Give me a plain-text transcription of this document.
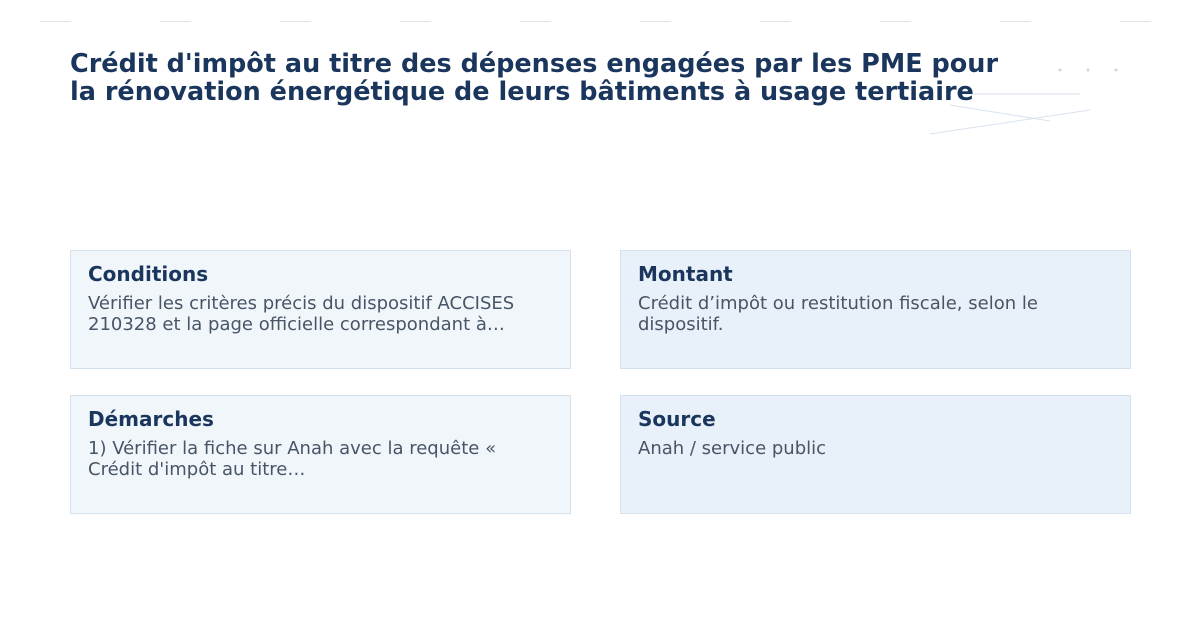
Crédit d'impôt au titre des dépenses engagées par les PME pour
la rénovation énergétique de leurs bâtiments à usage tertiaire
Conditions

Vérifier les critères précis du dispositif ACCISES 210328 et la page officielle correspondant à…

Montant

Crédit d’impôt ou restitution fiscale, selon le dispositif.

Démarches

1) Vérifier la fiche sur Anah avec la requête « Crédit d'impôt au titre…

Source

Anah / service public
